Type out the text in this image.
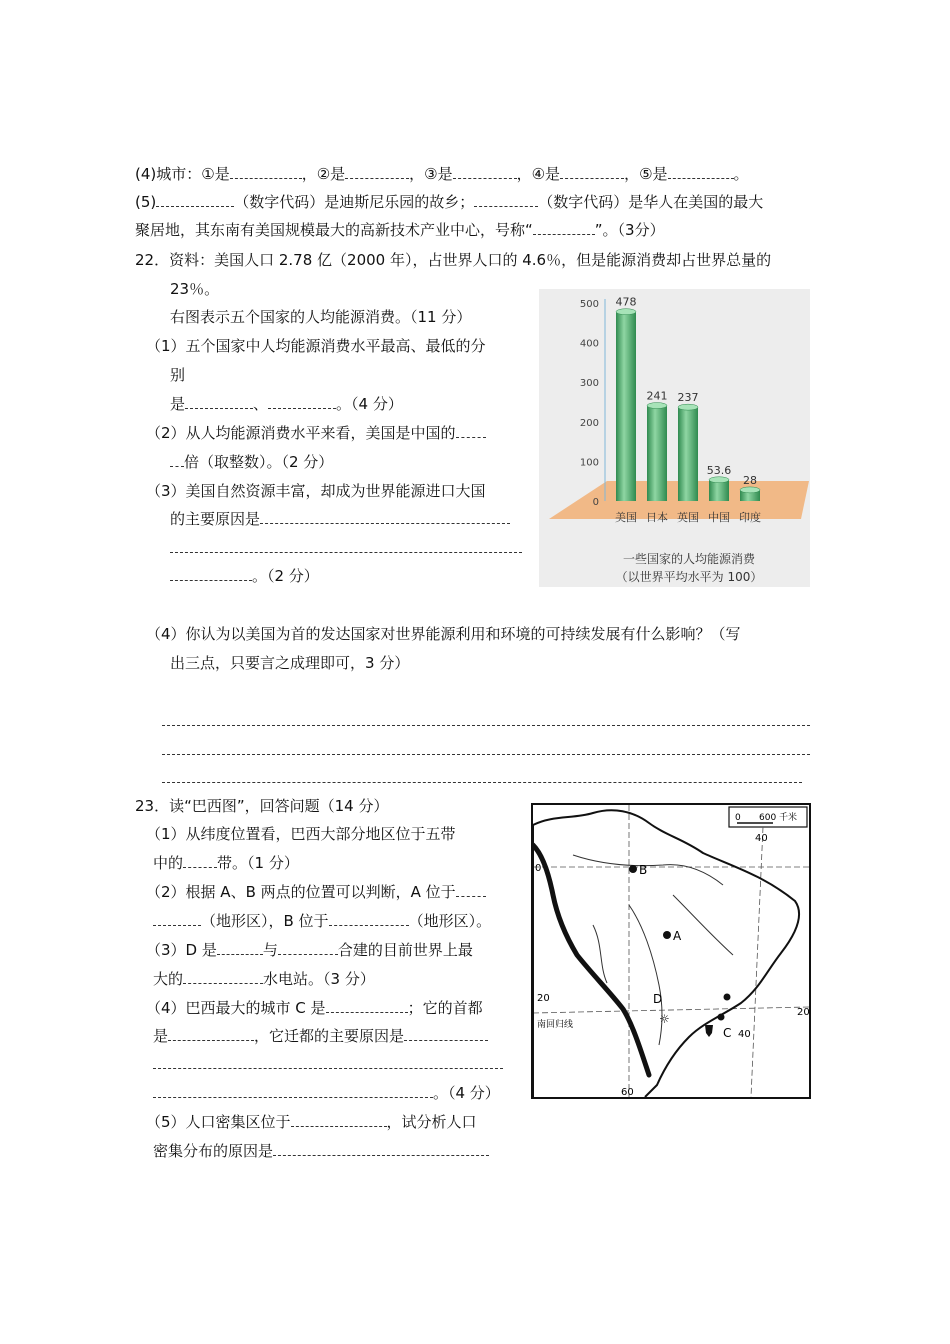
(4)城市：①是	，②是	，③是	，④是	，⑤是	。
(5)	（数字代码）是迪斯尼乐园的故乡；	（数字代码）是华人在美国的最大
聚居地，其东南有美国规模最大的高新技术产业中心，号称“	”。（3分）
22．资料：美国人口 2.78 亿（2000 年），占世界人口的 4.6％，但是能源消费却占世界总量的
23％。
右图表示五个国家的人均能源消费。（11 分）
（1）五个国家中人均能源消费水平最高、最低的分
别
是	、	。（4 分）
（2）从人均能源消费水平来看，美国是中国的
倍（取整数）。（2 分）
（3）美国自然资源丰富，却成为世界能源进口大国
的主要原因是
。（2 分）
0
100
200
300
400
500 478
241 237
53.6
28
美国 日本 英国 中国 印度
一些国家的人均能源消费
（以世界平均水平为 100）
（4）你认为以美国为首的发达国家对世界能源利用和环境的可持续发展有什么影响？（写
出三点，只要言之成理即可，3 分）
23．读“巴西图”，回答问题（14 分）
（1）从纬度位置看，巴西大部分地区位于五带
中的 带。（1 分）
（2）根据 A、B 两点的位置可以判断，A 位于
（地形区），B 位于	（地形区）。
（3）D 是	与	合建的目前世界上最
大的	水电站。（3 分）
（4）巴西最大的城市 C 是	；它的首都
是	，它迁都的主要原因是
。（4 分）
（5）人口密集区位于	，试分析人口
密集分布的原因是
0 600 千米
0
20
20
40
40
60
南回归线
B
A
D
☼
C
